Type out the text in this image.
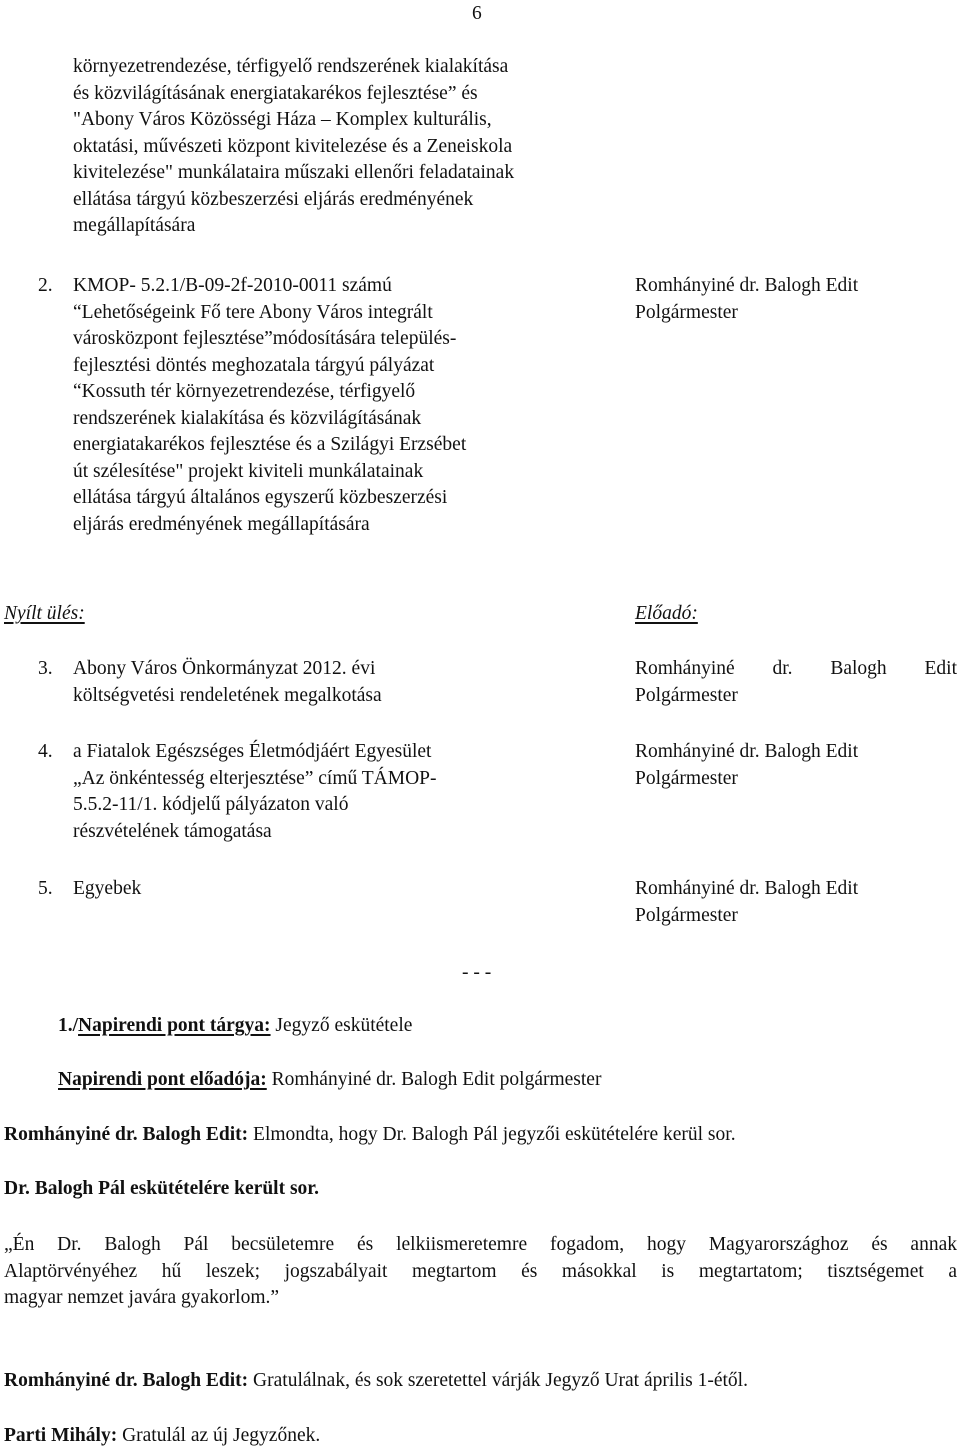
6
környezetrendezése, térfigyelő rendszerének kialakítása
és közvilágításának energiatakarékos fejlesztése” és
"Abony Város Közösségi Háza – Komplex kulturális,
oktatási, művészeti központ kivitelezése és a Zeneiskola
kivitelezése" munkálataira műszaki ellenőri feladatainak
ellátása tárgyú közbeszerzési eljárás eredményének
megállapítására
2. KMOP- 5.2.1/B-09-2f-2010-0011 számú
“Lehetőségeink Fő tere Abony Város integrált
városközpont fejlesztése”módosítására település-
fejlesztési döntés meghozatala tárgyú pályázat
“Kossuth tér környezetrendezése, térfigyelő
rendszerének kialakítása és közvilágításának
energiatakarékos fejlesztése és a Szilágyi Erzsébet
út szélesítése" projekt kiviteli munkálatainak
ellátása tárgyú általános egyszerű közbeszerzési
eljárás eredményének megállapítására
Romhányiné dr. Balogh Edit
Polgármester
Nyílt ülés:	Előadó:
3. Abony Város Önkormányzat 2012. évi
költségvetési rendeletének megalkotása
Romhányiné dr. Balogh Edit
Polgármester
4. a Fiatalok Egészséges Életmódjáért Egyesület
„Az önkéntesség elterjesztése” című TÁMOP-
5.5.2-11/1. kódjelű pályázaton való
részvételének támogatása
Romhányiné dr. Balogh Edit
Polgármester
5. Egyebek	Romhányiné dr. Balogh Edit
Polgármester
- - -
1./Napirendi pont tárgya: Jegyző eskütétele
Napirendi pont előadója: Romhányiné dr. Balogh Edit polgármester
Romhányiné dr. Balogh Edit: Elmondta, hogy Dr. Balogh Pál jegyzői eskütételére kerül sor.
Dr. Balogh Pál eskütételére került sor.
„Én Dr. Balogh Pál becsületemre és lelkiismeretemre fogadom, hogy Magyarországhoz és annak
Alaptörvényéhez hű leszek; jogszabályait megtartom és másokkal is megtartatom; tisztségemet a
magyar nemzet javára gyakorlom.”
Romhányiné dr. Balogh Edit: Gratulálnak, és sok szeretettel várják Jegyző Urat április 1-étől.
Parti Mihály: Gratulál az új Jegyzőnek.
